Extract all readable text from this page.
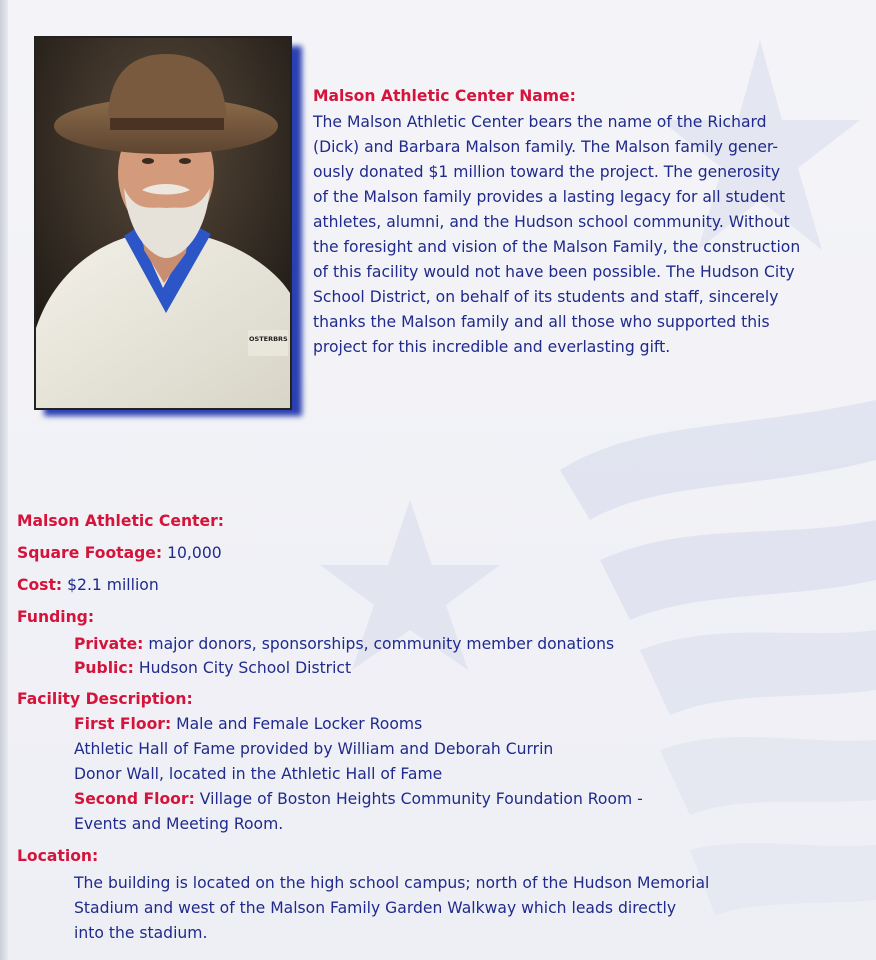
OSTERBRS
Malson Athletic Center Name:
The Malson Athletic Center bears the name of the Richard
(Dick) and Barbara Malson family. The Malson family gener-
ously donated $1 million toward the project. The generosity
of the Malson family provides a lasting legacy for all student
athletes, alumni, and the Hudson school community. Without
the foresight and vision of the Malson Family, the construction
of this facility would not have been possible. The Hudson City
School District, on behalf of its students and staff, sincerely
thanks the Malson family and all those who supported this
project for this incredible and everlasting gift.
Malson Athletic Center:
Square Footage: 10,000
Cost: $2.1 million
Funding:
Private: major donors, sponsorships, community member donations
Public: Hudson City School District
Facility Description:
First Floor: Male and Female Locker Rooms
Athletic Hall of Fame provided by William and Deborah Currin
Donor Wall, located in the Athletic Hall of Fame
Second Floor: Village of Boston Heights Community Foundation Room -
Events and Meeting Room.
Location:
The building is located on the high school campus; north of the Hudson Memorial
Stadium and west of the Malson Family Garden Walkway which leads directly
into the stadium.
